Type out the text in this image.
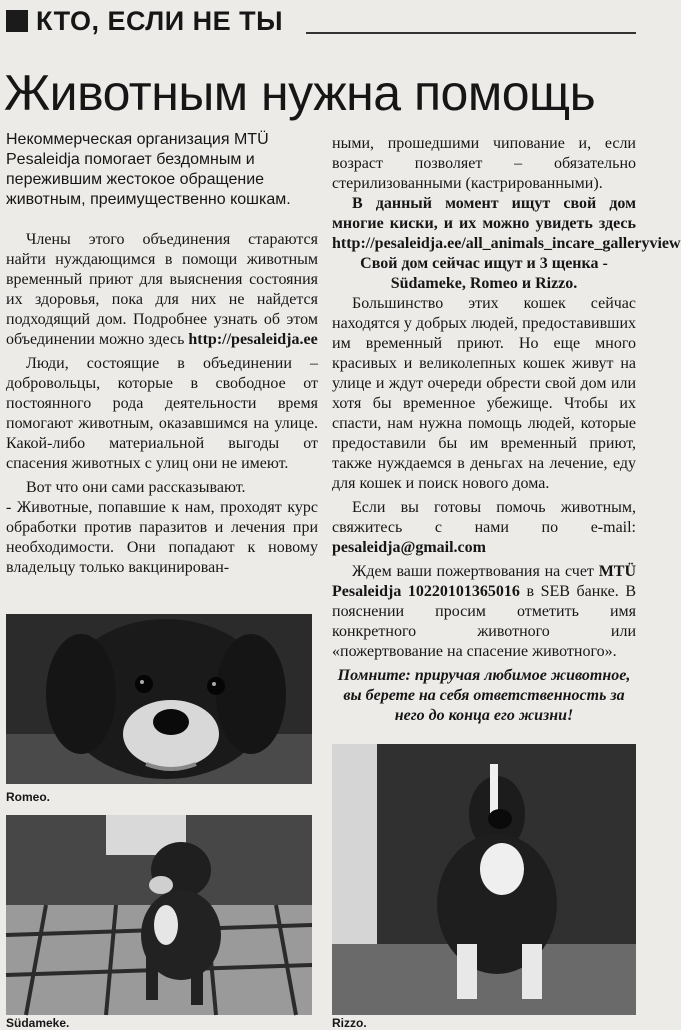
КТО, ЕСЛИ НЕ ТЫ
Животным нужна помощь

Некоммерческая организация MTÜ Pesaleidja помогает бездомным и пережившим жестокое обращение животным, преимущественно кошкам.

Члены этого объединения стараются найти нуждающимся в помощи животным временный приют для выяснения состояния их здоровья, пока для них не найдется подходящий дом. Подробнее узнать об этом объединении можно здесь http://pesaleidja.ee

Люди, состоящие в объединении – добровольцы, которые в свободное от постоянного рода деятельности время помогают животным, оказавшимся на улице. Какой-либо материальной выгоды от спасения животных с улиц они не имеют.

Вот что они сами рассказывают.

- Животные, попавшие к нам, проходят курс обработки против паразитов и лечения при необходимости. Они попадают к новому владельцу только вакцинирован-

ными, прошедшими чипование и, если возраст позволяет – обязательно стерилизованными (кастрированными).

В данный момент ищут свой дом многие киски, и их можно увидеть здесь http://pesaleidja.ee/all_animals_incare_galleryview

Свой дом сейчас ищут и 3 щенка - Südameke, Romeo и Rizzo.

Большинство этих кошек сейчас находятся у добрых людей, предоставивших им временный приют. Но еще много красивых и великолепных кошек живут на улице и ждут очереди обрести свой дом или хотя бы временное убежище. Чтобы их спасти, нам нужна помощь людей, которые предоставили бы им временный приют, также нуждаемся в деньгах на лечение, еду для кошек и поиск нового дома.

Если вы готовы помочь животным, свяжитесь с нами по e-mail: pesaleidja@gmail.com

Ждем ваши пожертвования на счет MTÜ Pesaleidja 10220101365016 в SEB банке. В пояснении просим отметить имя конкретного животного или «пожертвование на спасение животного».

Помните: приручая любимое животное, вы берете на себя ответственность за него до конца его жизни!

Romeo.
Südameke.	Rizzo.
